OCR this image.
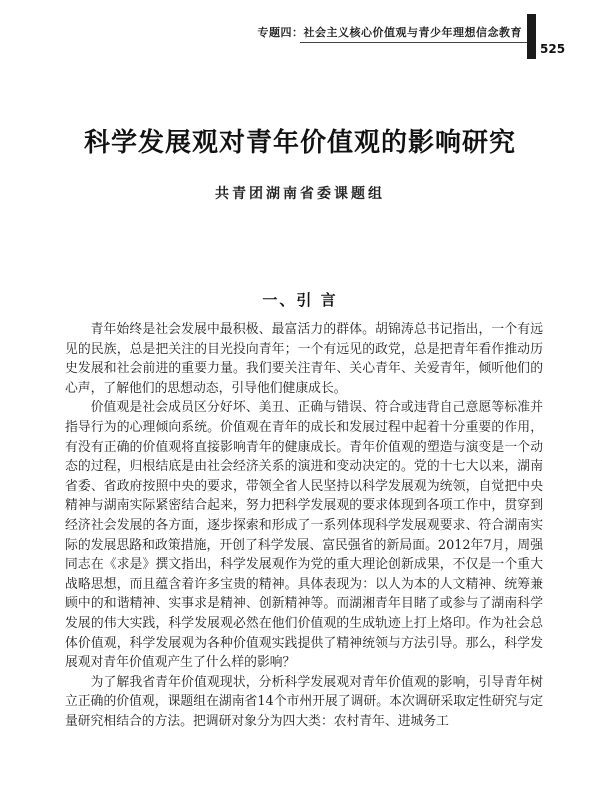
专题四：社会主义核心价值观与青少年理想信念教育
525
科学发展观对青年价值观的影响研究

共青团湖南省委课题组

一、引 言

青年始终是社会发展中最积极、最富活力的群体。胡锦涛总书记指出，一个有远见的民族，总是把关注的目光投向青年；一个有远见的政党，总是把青年看作推动历史发展和社会前进的重要力量。我们要关注青年、关心青年、关爱青年，倾听他们的心声，了解他们的思想动态，引导他们健康成长。

价值观是社会成员区分好坏、美丑、正确与错误、符合或违背自己意愿等标准并指导行为的心理倾向系统。价值观在青年的成长和发展过程中起着十分重要的作用，有没有正确的价值观将直接影响青年的健康成长。青年价值观的塑造与演变是一个动态的过程，归根结底是由社会经济关系的演进和变动决定的。党的十七大以来，湖南省委、省政府按照中央的要求，带领全省人民坚持以科学发展观为统领，自觉把中央精神与湖南实际紧密结合起来，努力把科学发展观的要求体现到各项工作中，贯穿到经济社会发展的各方面，逐步探索和形成了一系列体现科学发展观要求、符合湖南实际的发展思路和政策措施，开创了科学发展、富民强省的新局面。2012年7月，周强同志在《求是》撰文指出，科学发展观作为党的重大理论创新成果，不仅是一个重大战略思想，而且蕴含着许多宝贵的精神。具体表现为：以人为本的人文精神、统筹兼顾中的和谐精神、实事求是精神、创新精神等。而湖湘青年目睹了或参与了湖南科学发展的伟大实践，科学发展观必然在他们价值观的生成轨迹上打上烙印。作为社会总体价值观，科学发展观为各种价值观实践提供了精神统领与方法引导。那么，科学发展观对青年价值观产生了什么样的影响？

为了解我省青年价值观现状，分析科学发展观对青年价值观的影响，引导青年树立正确的价值观，课题组在湖南省14个市州开展了调研。本次调研采取定性研究与定量研究相结合的方法。把调研对象分为四大类：农村青年、进城务工
